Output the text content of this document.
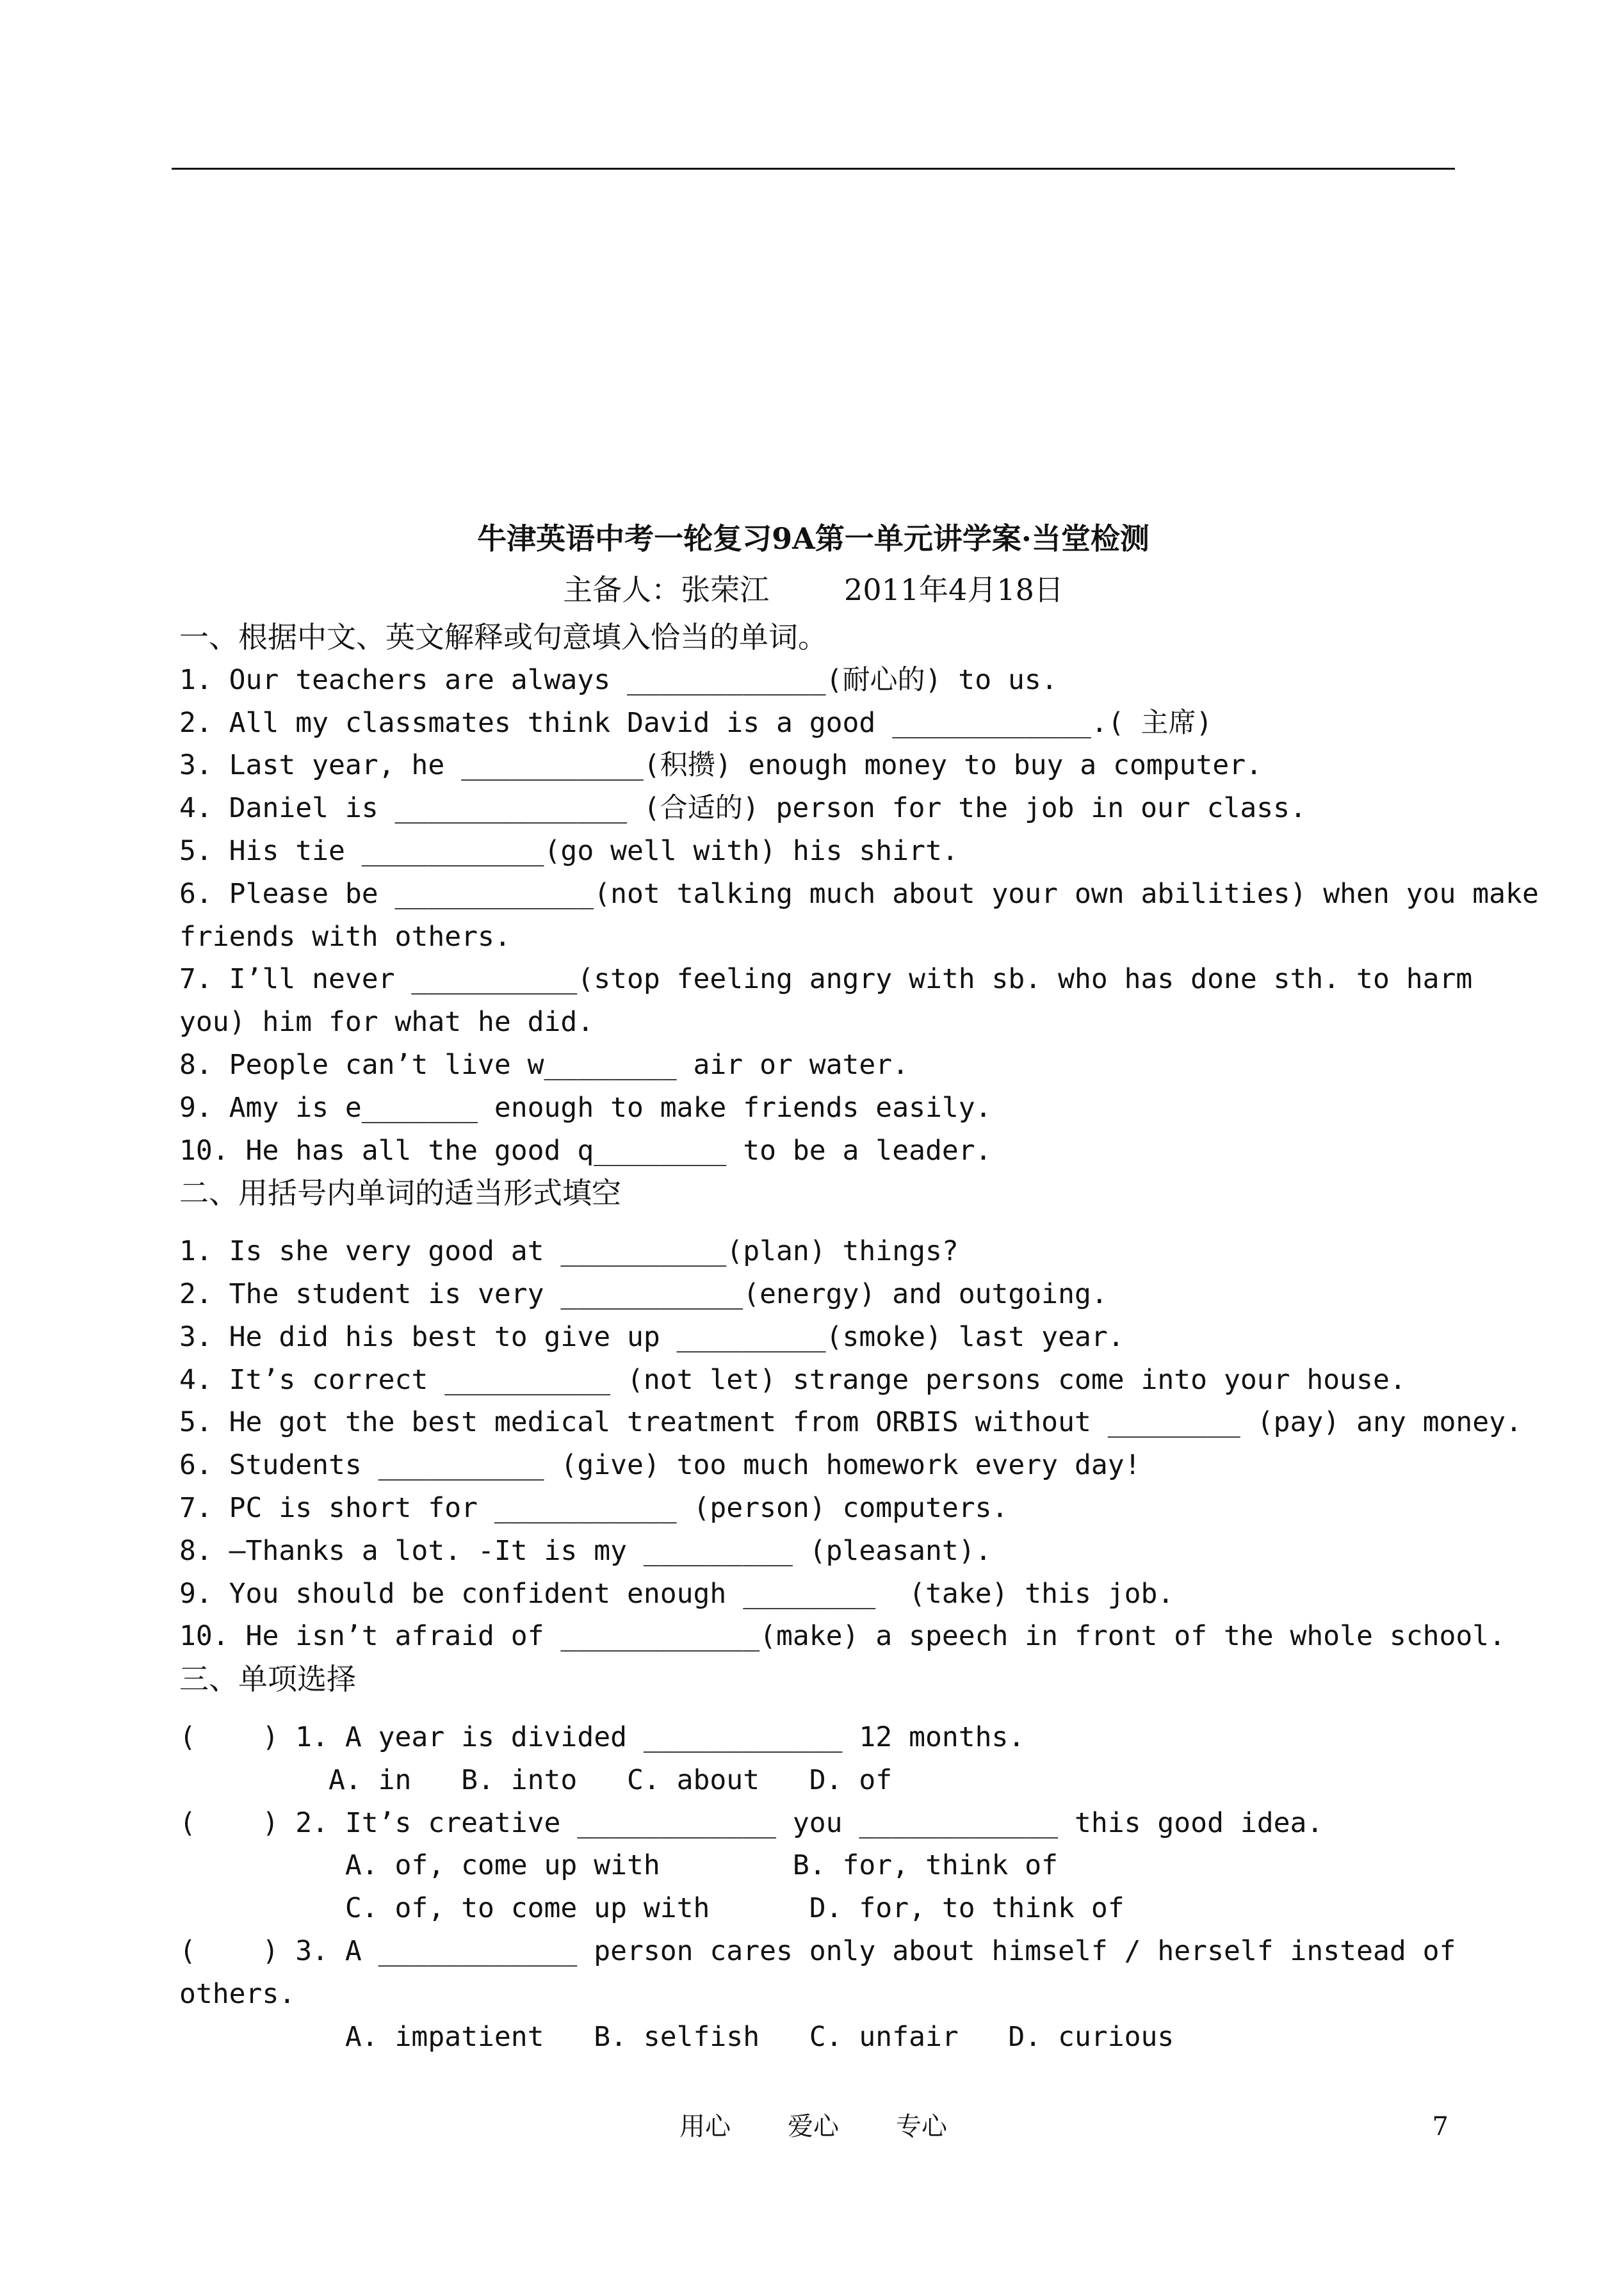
牛津英语中考一轮复习9A第一单元讲学案·当堂检测
主备人：张荣江        2011年4月18日
一、根据中文、英文解释或句意填入恰当的单词。
1. Our teachers are always ____________(耐心的) to us.
2. All my classmates think David is a good ____________.( 主席)
3. Last year, he ___________(积攒) enough money to buy a computer.
4. Daniel is ______________ (合适的) person for the job in our class.
5. His tie ___________(go well with) his shirt.
6. Please be ____________(not talking much about your own abilities) when you make
friends with others.
7. I’ll never __________(stop feeling angry with sb. who has done sth. to harm
you) him for what he did.
8. People can’t live w________ air or water.
9. Amy is e_______ enough to make friends easily.
10. He has all the good q________ to be a leader.
二、用括号内单词的适当形式填空
1. Is she very good at __________(plan) things?
2. The student is very ___________(energy) and outgoing.
3. He did his best to give up _________(smoke) last year.
4. It’s correct __________ (not let) strange persons come into your house.
5. He got the best medical treatment from ORBIS without ________ (pay) any money.
6. Students __________ (give) too much homework every day!
7. PC is short for ___________ (person) computers.
8. –Thanks a lot. -It is my _________ (pleasant).
9. You should be confident enough ________  (take) this job.
10. He isn’t afraid of ____________(make) a speech in front of the whole school.
三、单项选择
(    ) 1. A year is divided ____________ 12 months.
A. in   B. into   C. about   D. of
(    ) 2. It’s creative ____________ you ____________ this good idea.
A. of, come up with        B. for, think of
C. of, to come up with      D. for, to think of
(    ) 3. A ____________ person cares only about himself / herself instead of
others.
A. impatient   B. selfish   C. unfair   D. curious
用心       爱心       专心	7
